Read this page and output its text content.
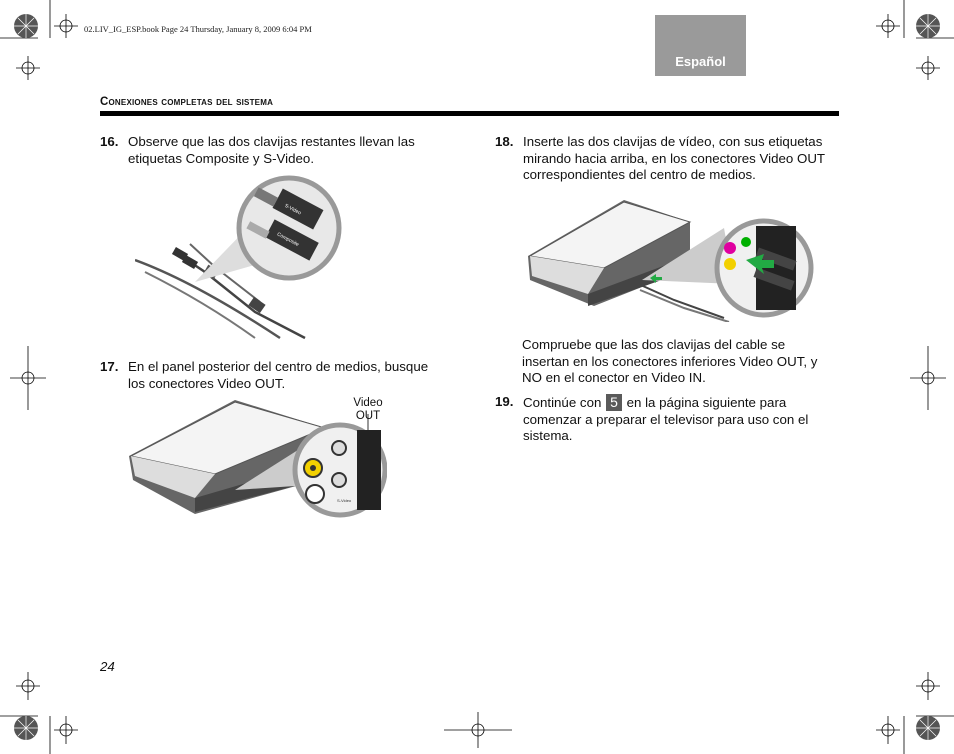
02.LIV_IG_ESP.book Page 24 Thursday, January 8, 2009 6:04 PM
Español
Conexiones completas del sistema
16. Observe que las dos clavijas restantes llevan las
etiquetas Composite y S-Video.
S-Video
Composite
17. En el panel posterior del centro de medios, busque
los conectores Video OUT.
Video
OUT
S-Video
18. Inserte las dos clavijas de vídeo, con sus etiquetas
mirando hacia arriba, en los conectores Video OUT
correspondientes del centro de medios.
Compruebe que las dos clavijas del cable se
insertan en los conectores inferiores Video OUT, y
NO en el conector en Video IN.
19. Continúe con 5 en la página siguiente para
comenzar a preparar el televisor para uso con el
sistema.
24
